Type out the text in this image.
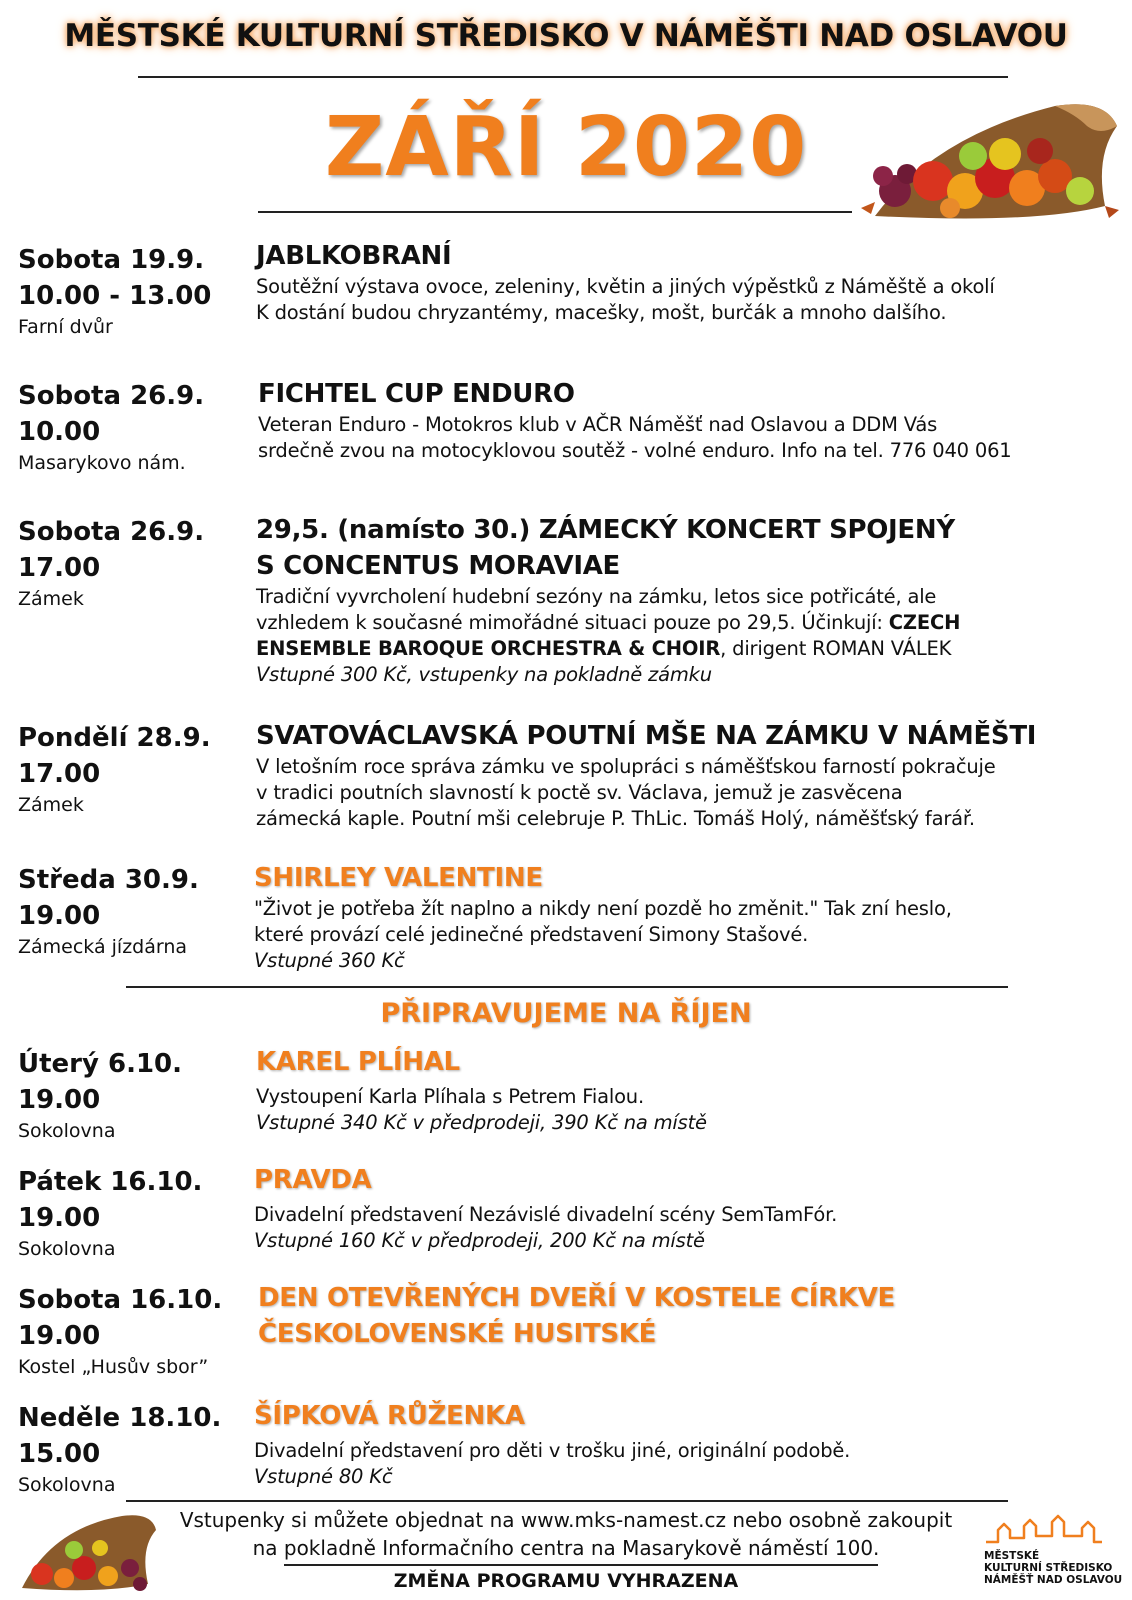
MĚSTSKÉ KULTURNÍ STŘEDISKO V NÁMĚŠTI NAD OSLAVOU
ZÁŘÍ 2020
Sobota 19.9.
10.00 - 13.00
Farní dvůr
JABLKOBRANÍ
Soutěžní výstava ovoce, zeleniny, květin a jiných výpěstků z Náměště a okolí
K dostání budou chryzantémy, macešky, mošt, burčák a mnoho dalšího.
Sobota 26.9.
10.00
Masarykovo nám.
FICHTEL CUP ENDURO
Veteran Enduro - Motokros klub v AČR Náměšť nad Oslavou a DDM Vás
srdečně zvou na motocyklovou soutěž - volné enduro. Info na tel. 776 040 061
Sobota 26.9.
17.00
Zámek
29,5. (namísto 30.) ZÁMECKÝ KONCERT SPOJENÝ
S CONCENTUS MORAVIAE
Tradiční vyvrcholení hudební sezóny na zámku, letos sice potřicáté, ale
vzhledem k současné mimořádné situaci pouze po 29,5. Účinkují: CZECH
ENSEMBLE BAROQUE ORCHESTRA & CHOIR, dirigent ROMAN VÁLEK
Vstupné 300 Kč, vstupenky na pokladně zámku
Pondělí 28.9.
17.00
Zámek
SVATOVÁCLAVSKÁ POUTNÍ MŠE NA ZÁMKU V NÁMĚŠTI
V letošním roce správa zámku ve spolupráci s náměšťskou farností pokračuje
v tradici poutních slavností k poctě sv. Václava, jemuž je zasvěcena
zámecká kaple. Poutní mši celebruje P. ThLic. Tomáš Holý, náměšťský farář.
Středa 30.9.
19.00
Zámecká jízdárna
SHIRLEY VALENTINE
"Život je potřeba žít naplno a nikdy není pozdě ho změnit." Tak zní heslo,
které provází celé jedinečné představení Simony Stašové.
Vstupné 360 Kč
PŘIPRAVUJEME NA ŘÍJEN
Úterý 6.10.
19.00
Sokolovna
KAREL PLÍHAL
Vystoupení Karla Plíhala s Petrem Fialou.
Vstupné 340 Kč v předprodeji, 390 Kč na místě
Pátek 16.10.
19.00
Sokolovna
PRAVDA
Divadelní představení Nezávislé divadelní scény SemTamFór.
Vstupné 160 Kč v předprodeji, 200 Kč na místě
Sobota 16.10.
19.00
Kostel „Husův sbor”
DEN OTEVŘENÝCH DVEŘÍ V KOSTELE CÍRKVE
ČESKOLOVENSKÉ HUSITSKÉ
Neděle 18.10.
15.00
Sokolovna
ŠÍPKOVÁ RŮŽENKA
Divadelní představení pro děti v trošku jiné, originální podobě.
Vstupné 80 Kč
Vstupenky si můžete objednat na www.mks-namest.cz nebo osobně zakoupit
na pokladně Informačního centra na Masarykově náměstí 100.
ZMĚNA PROGRAMU VYHRAZENA
MĚSTSKÉ
KULTURNÍ STŘEDISKO
NÁMĚŠŤ NAD OSLAVOU
